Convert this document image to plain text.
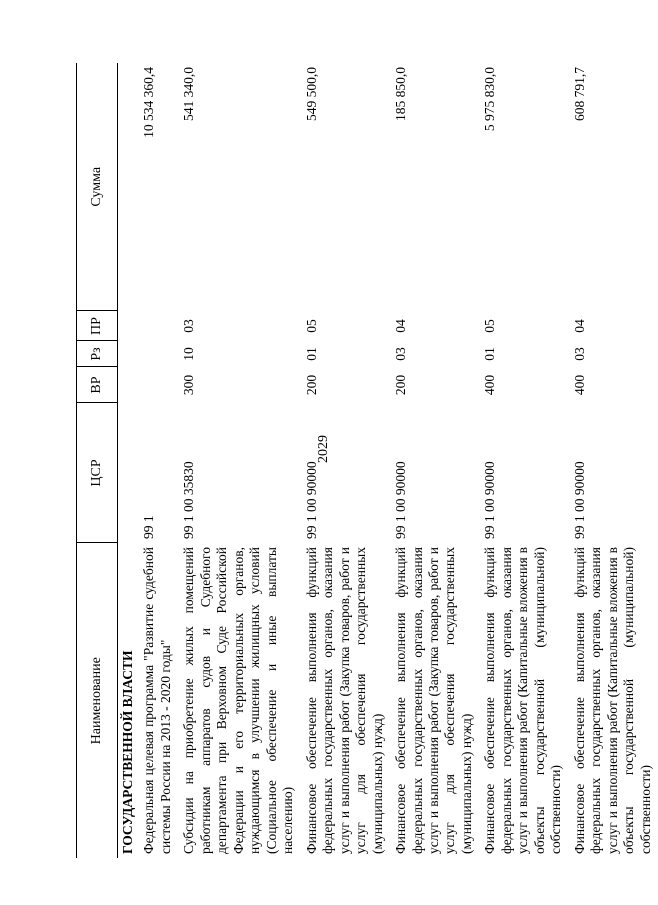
2029
Наименование	ЦСР	ВР	Рз	ПР	Сумма
ГОСУДАРСТВЕННОЙ ВЛАСТИ					
Федеральная целевая программа "Развитие судебной системы России на 2013 - 2020 годы"	99 1				10 534 360,4
Субсидии на приобретение жилых помещений работникам аппаратов судов и Судебного департамента при Верховном Суде Российской Федерации и его территориальных органов, нуждающимся в улучшении жилищных условий (Социальное обеспечение и иные выплаты населению)	99 1 00 35830	300	10	03	541 340,0
Финансовое обеспечение выполнения функций федеральных государственных органов, оказания услуг и выполнения работ (Закупка товаров, работ и услуг для обеспечения государственных (муниципальных) нужд)	99 1 00 90000	200	01	05	549 500,0
Финансовое обеспечение выполнения функций федеральных государственных органов, оказания услуг и выполнения работ (Закупка товаров, работ и услуг для обеспечения государственных (муниципальных) нужд)	99 1 00 90000	200	03	04	185 850,0
Финансовое обеспечение выполнения функций федеральных государственных органов, оказания услуг и выполнения работ (Капитальные вложения в объекты государственной (муниципальной) собственности)	99 1 00 90000	400	01	05	5 975 830,0
Финансовое обеспечение выполнения функций федеральных государственных органов, оказания услуг и выполнения работ (Капитальные вложения в объекты государственной (муниципальной) собственности)	99 1 00 90000	400	03	04	608 791,7
